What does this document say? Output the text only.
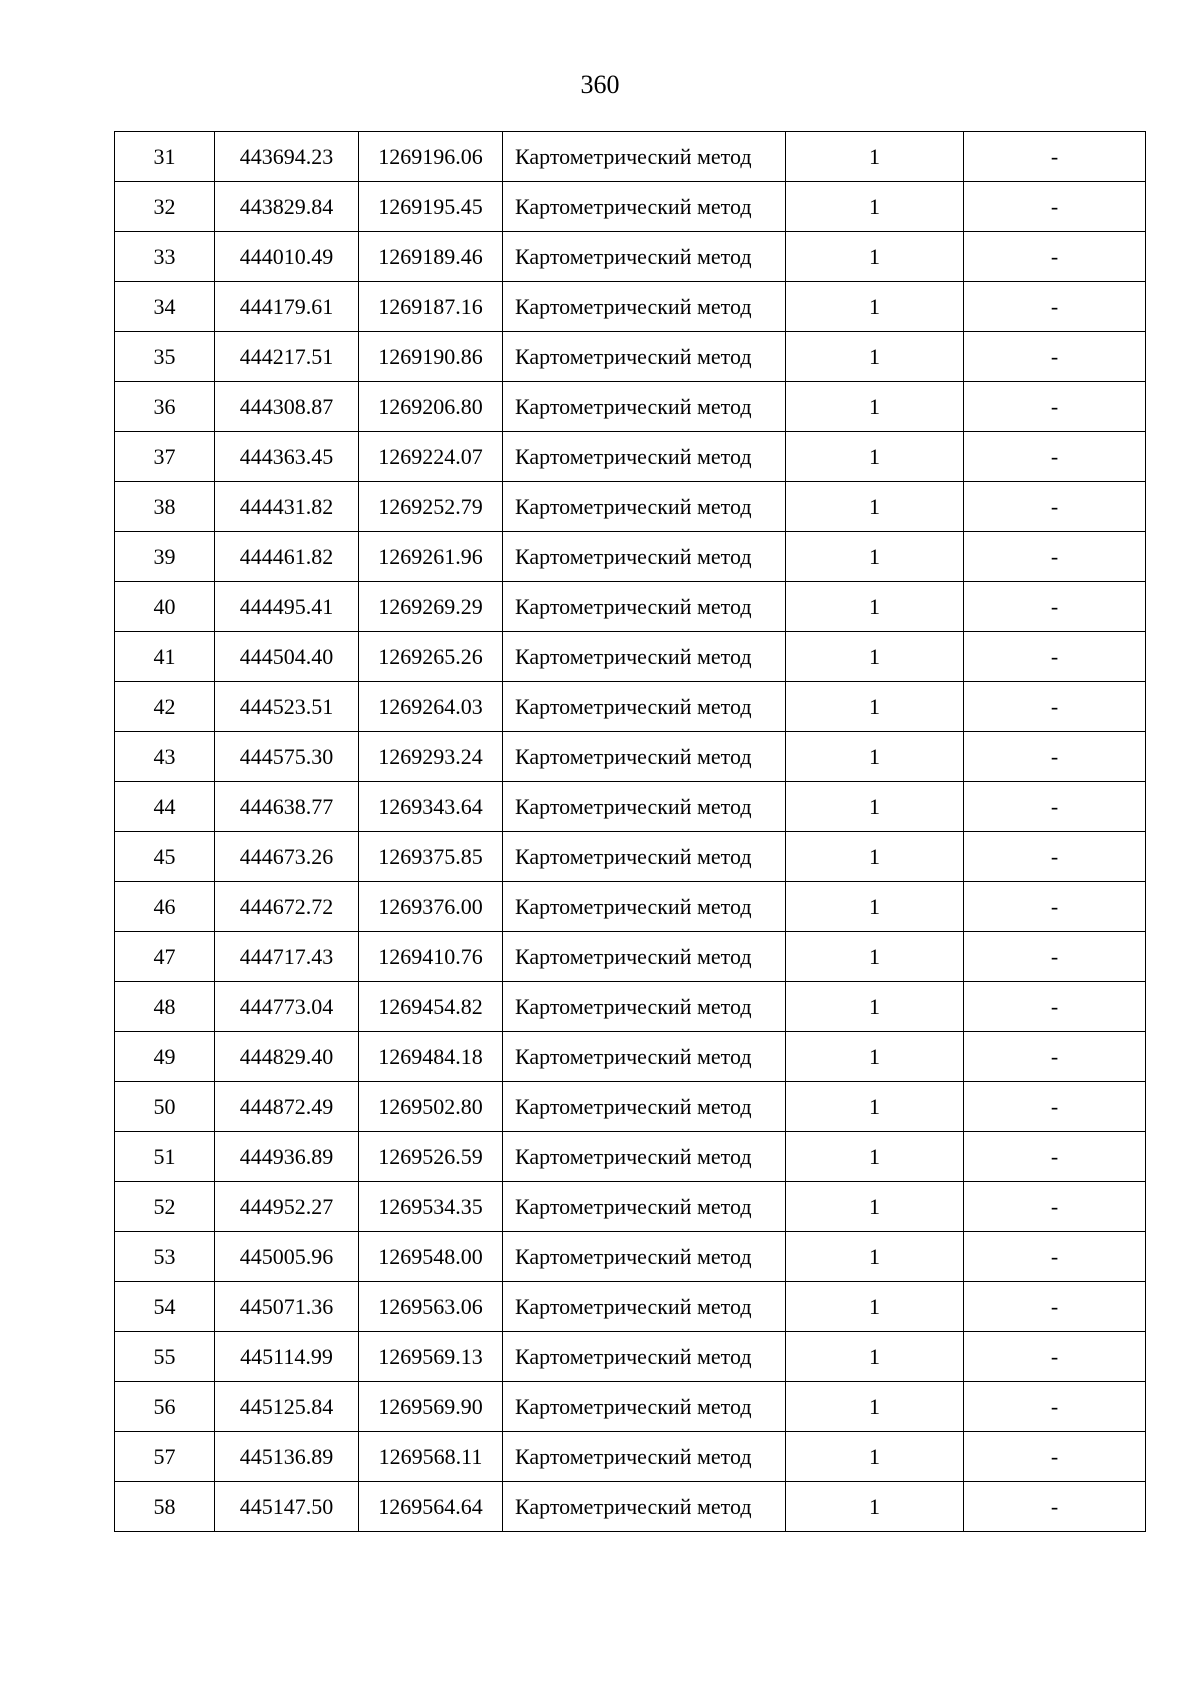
360
31	443694.23	1269196.06	Картометрический метод	1	-
32	443829.84	1269195.45	Картометрический метод	1	-
33	444010.49	1269189.46	Картометрический метод	1	-
34	444179.61	1269187.16	Картометрический метод	1	-
35	444217.51	1269190.86	Картометрический метод	1	-
36	444308.87	1269206.80	Картометрический метод	1	-
37	444363.45	1269224.07	Картометрический метод	1	-
38	444431.82	1269252.79	Картометрический метод	1	-
39	444461.82	1269261.96	Картометрический метод	1	-
40	444495.41	1269269.29	Картометрический метод	1	-
41	444504.40	1269265.26	Картометрический метод	1	-
42	444523.51	1269264.03	Картометрический метод	1	-
43	444575.30	1269293.24	Картометрический метод	1	-
44	444638.77	1269343.64	Картометрический метод	1	-
45	444673.26	1269375.85	Картометрический метод	1	-
46	444672.72	1269376.00	Картометрический метод	1	-
47	444717.43	1269410.76	Картометрический метод	1	-
48	444773.04	1269454.82	Картометрический метод	1	-
49	444829.40	1269484.18	Картометрический метод	1	-
50	444872.49	1269502.80	Картометрический метод	1	-
51	444936.89	1269526.59	Картометрический метод	1	-
52	444952.27	1269534.35	Картометрический метод	1	-
53	445005.96	1269548.00	Картометрический метод	1	-
54	445071.36	1269563.06	Картометрический метод	1	-
55	445114.99	1269569.13	Картометрический метод	1	-
56	445125.84	1269569.90	Картометрический метод	1	-
57	445136.89	1269568.11	Картометрический метод	1	-
58	445147.50	1269564.64	Картометрический метод	1	-
